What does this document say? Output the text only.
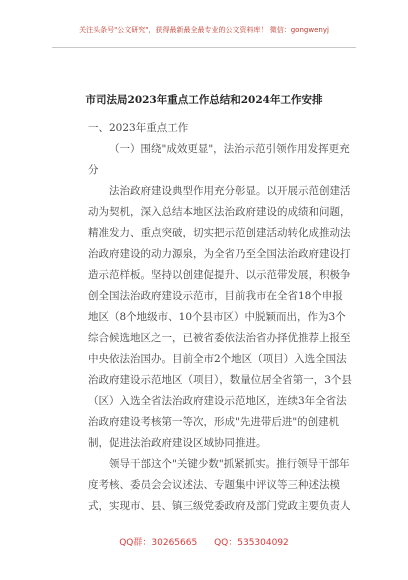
关注头条号"公文研究"，获得最新最全最专业的公文资料库！ 微信：gongwenyj
市司法局2023年重点工作总结和2024年工作安排

一、2023年重点工作

（一）围绕"成效更显"，法治示范引领作用发挥更充分

法治政府建设典型作用充分彰显。以开展示范创建活动为契机，深入总结本地区法治政府建设的成绩和问题，精准发力、重点突破，切实把示范创建活动转化成推动法治政府建设的动力源泉，为全省乃至全国法治政府建设打造示范样板。坚持以创建促提升、以示范带发展，积极争创全国法治政府建设示范市，目前我市在全省18个申报地区（8个地级市、10个县市区）中脱颖而出，作为3个综合候选地区之一，已被省委依法治省办择优推荐上报至中央依法治国办。目前全市2个地区（项目）入选全国法治政府建设示范地区（项目），数量位居全省第一，3个县（区）入选全省法治政府建设示范地区，连续3年全省法治政府建设考核第一等次，形成"先进带后进"的创建机制，促进法治政府建设区域协同推进。

领导干部这个"关键少数"抓紧抓实。推行领导干部年度考核、委员会会议述法、专题集中评议等三种述法模式，实现市、县、镇三级党委政府及部门党政主要负责人

QQ群：30265665 QQ：535304092
